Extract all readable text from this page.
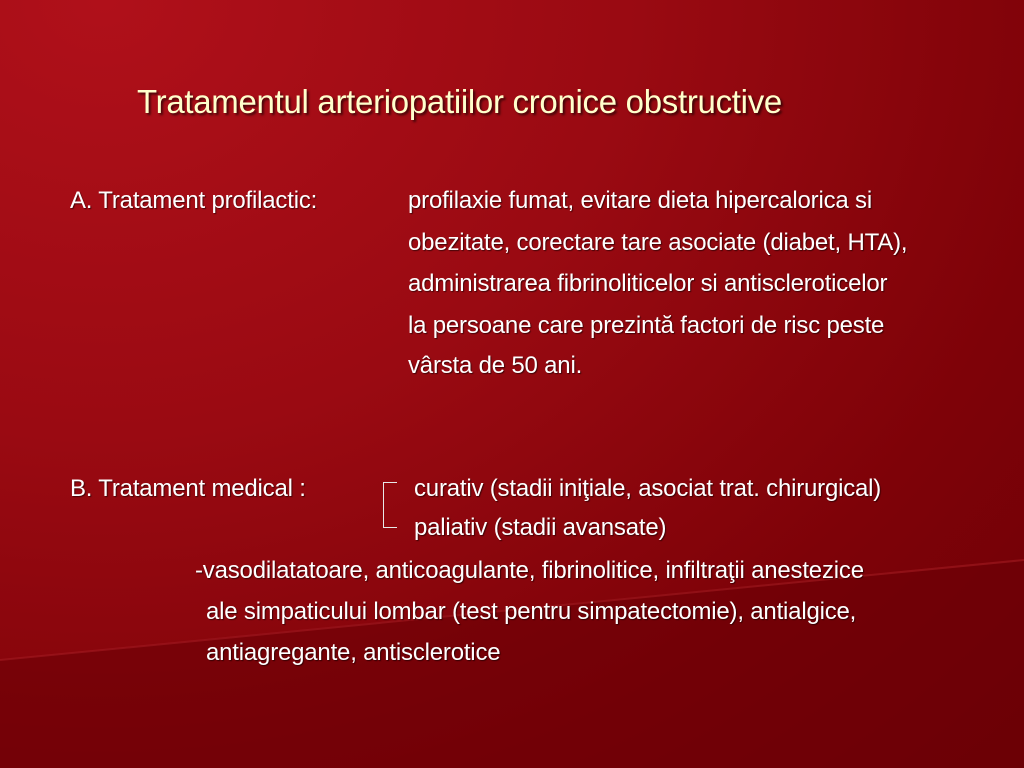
Tratamentul arteriopatiilor cronice obstructive
A. Tratament profilactic:	profilaxie fumat, evitare dieta hipercalorica si
obezitate, corectare tare asociate (diabet, HTA),
administrarea fibrinoliticelor si antiscleroticelor
la persoane care prezintă factori de risc peste
vârsta de 50 ani.
B. Tratament medical :	curativ (stadii iniţiale, asociat trat. chirurgical)
paliativ (stadii avansate)
-vasodilatatoare, anticoagulante, fibrinolitice, infiltraţii anestezice
ale simpaticului lombar (test pentru simpatectomie), antialgice,
antiagregante, antisclerotice
